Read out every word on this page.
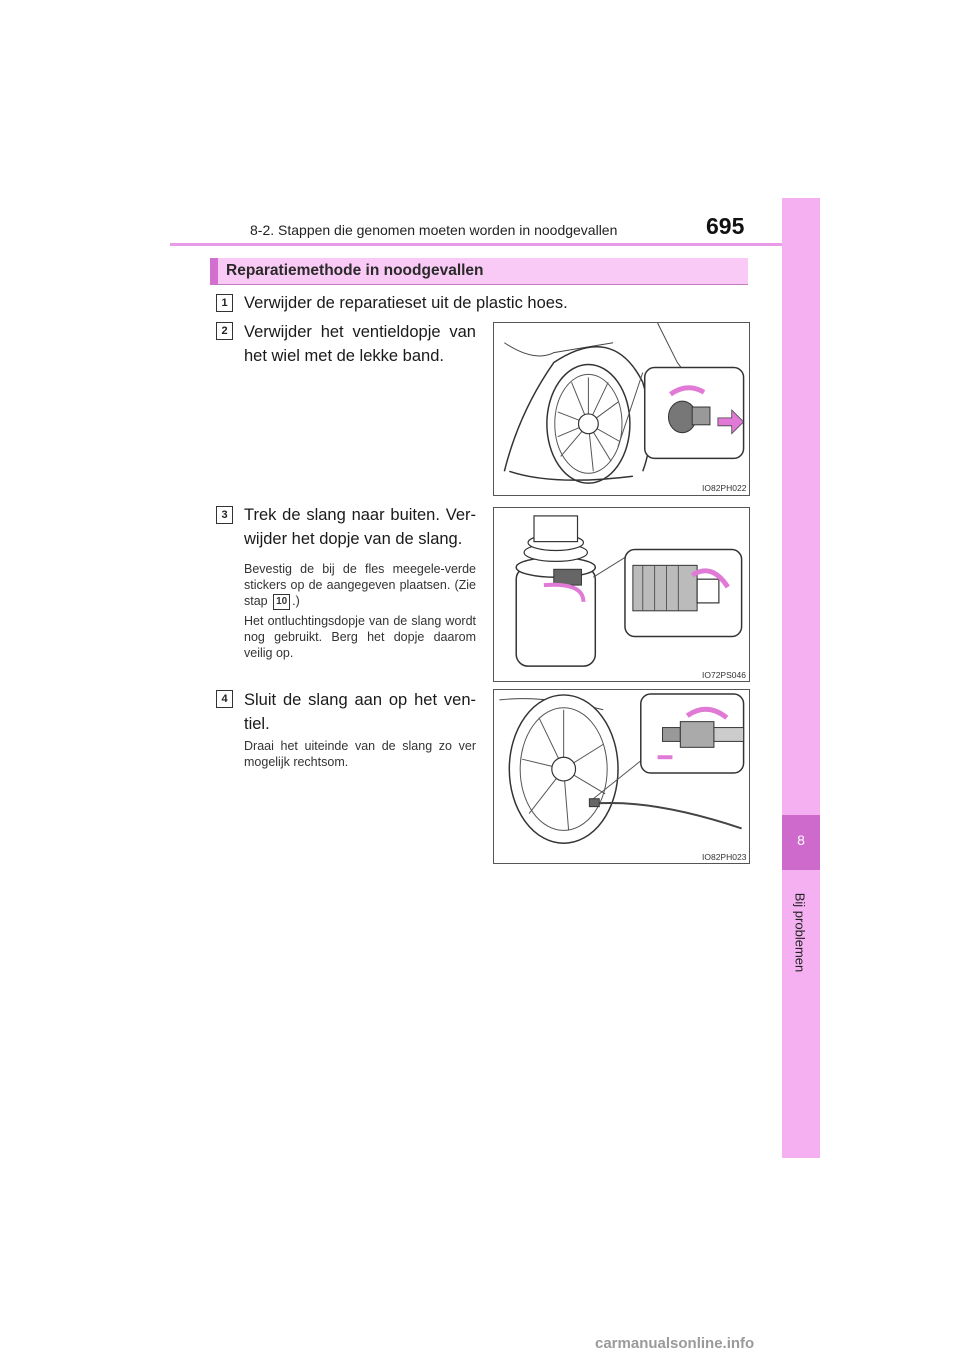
8-2. Stappen die genomen moeten worden in noodgevallen	695
8
Bij problemen
Reparatiemethode in noodgevallen
1 Verwijder de reparatieset uit de plastic hoes.
2 Verwijder het ventieldopje van het wiel met de lekke band.
IO82PH022
3 Trek de slang naar buiten. Ver-wijder het dopje van de slang.
Bevestig de bij de fles meegele-verde stickers op de aangegeven plaatsen. (Zie stap 10 .)
Het ontluchtingsdopje van de slang wordt nog gebruikt. Berg het dopje daarom veilig op.
IO72PS046
4 Sluit de slang aan op het ven-tiel.
Draai het uiteinde van de slang zo ver mogelijk rechtsom.
IO82PH023
carmanualsonline.info
